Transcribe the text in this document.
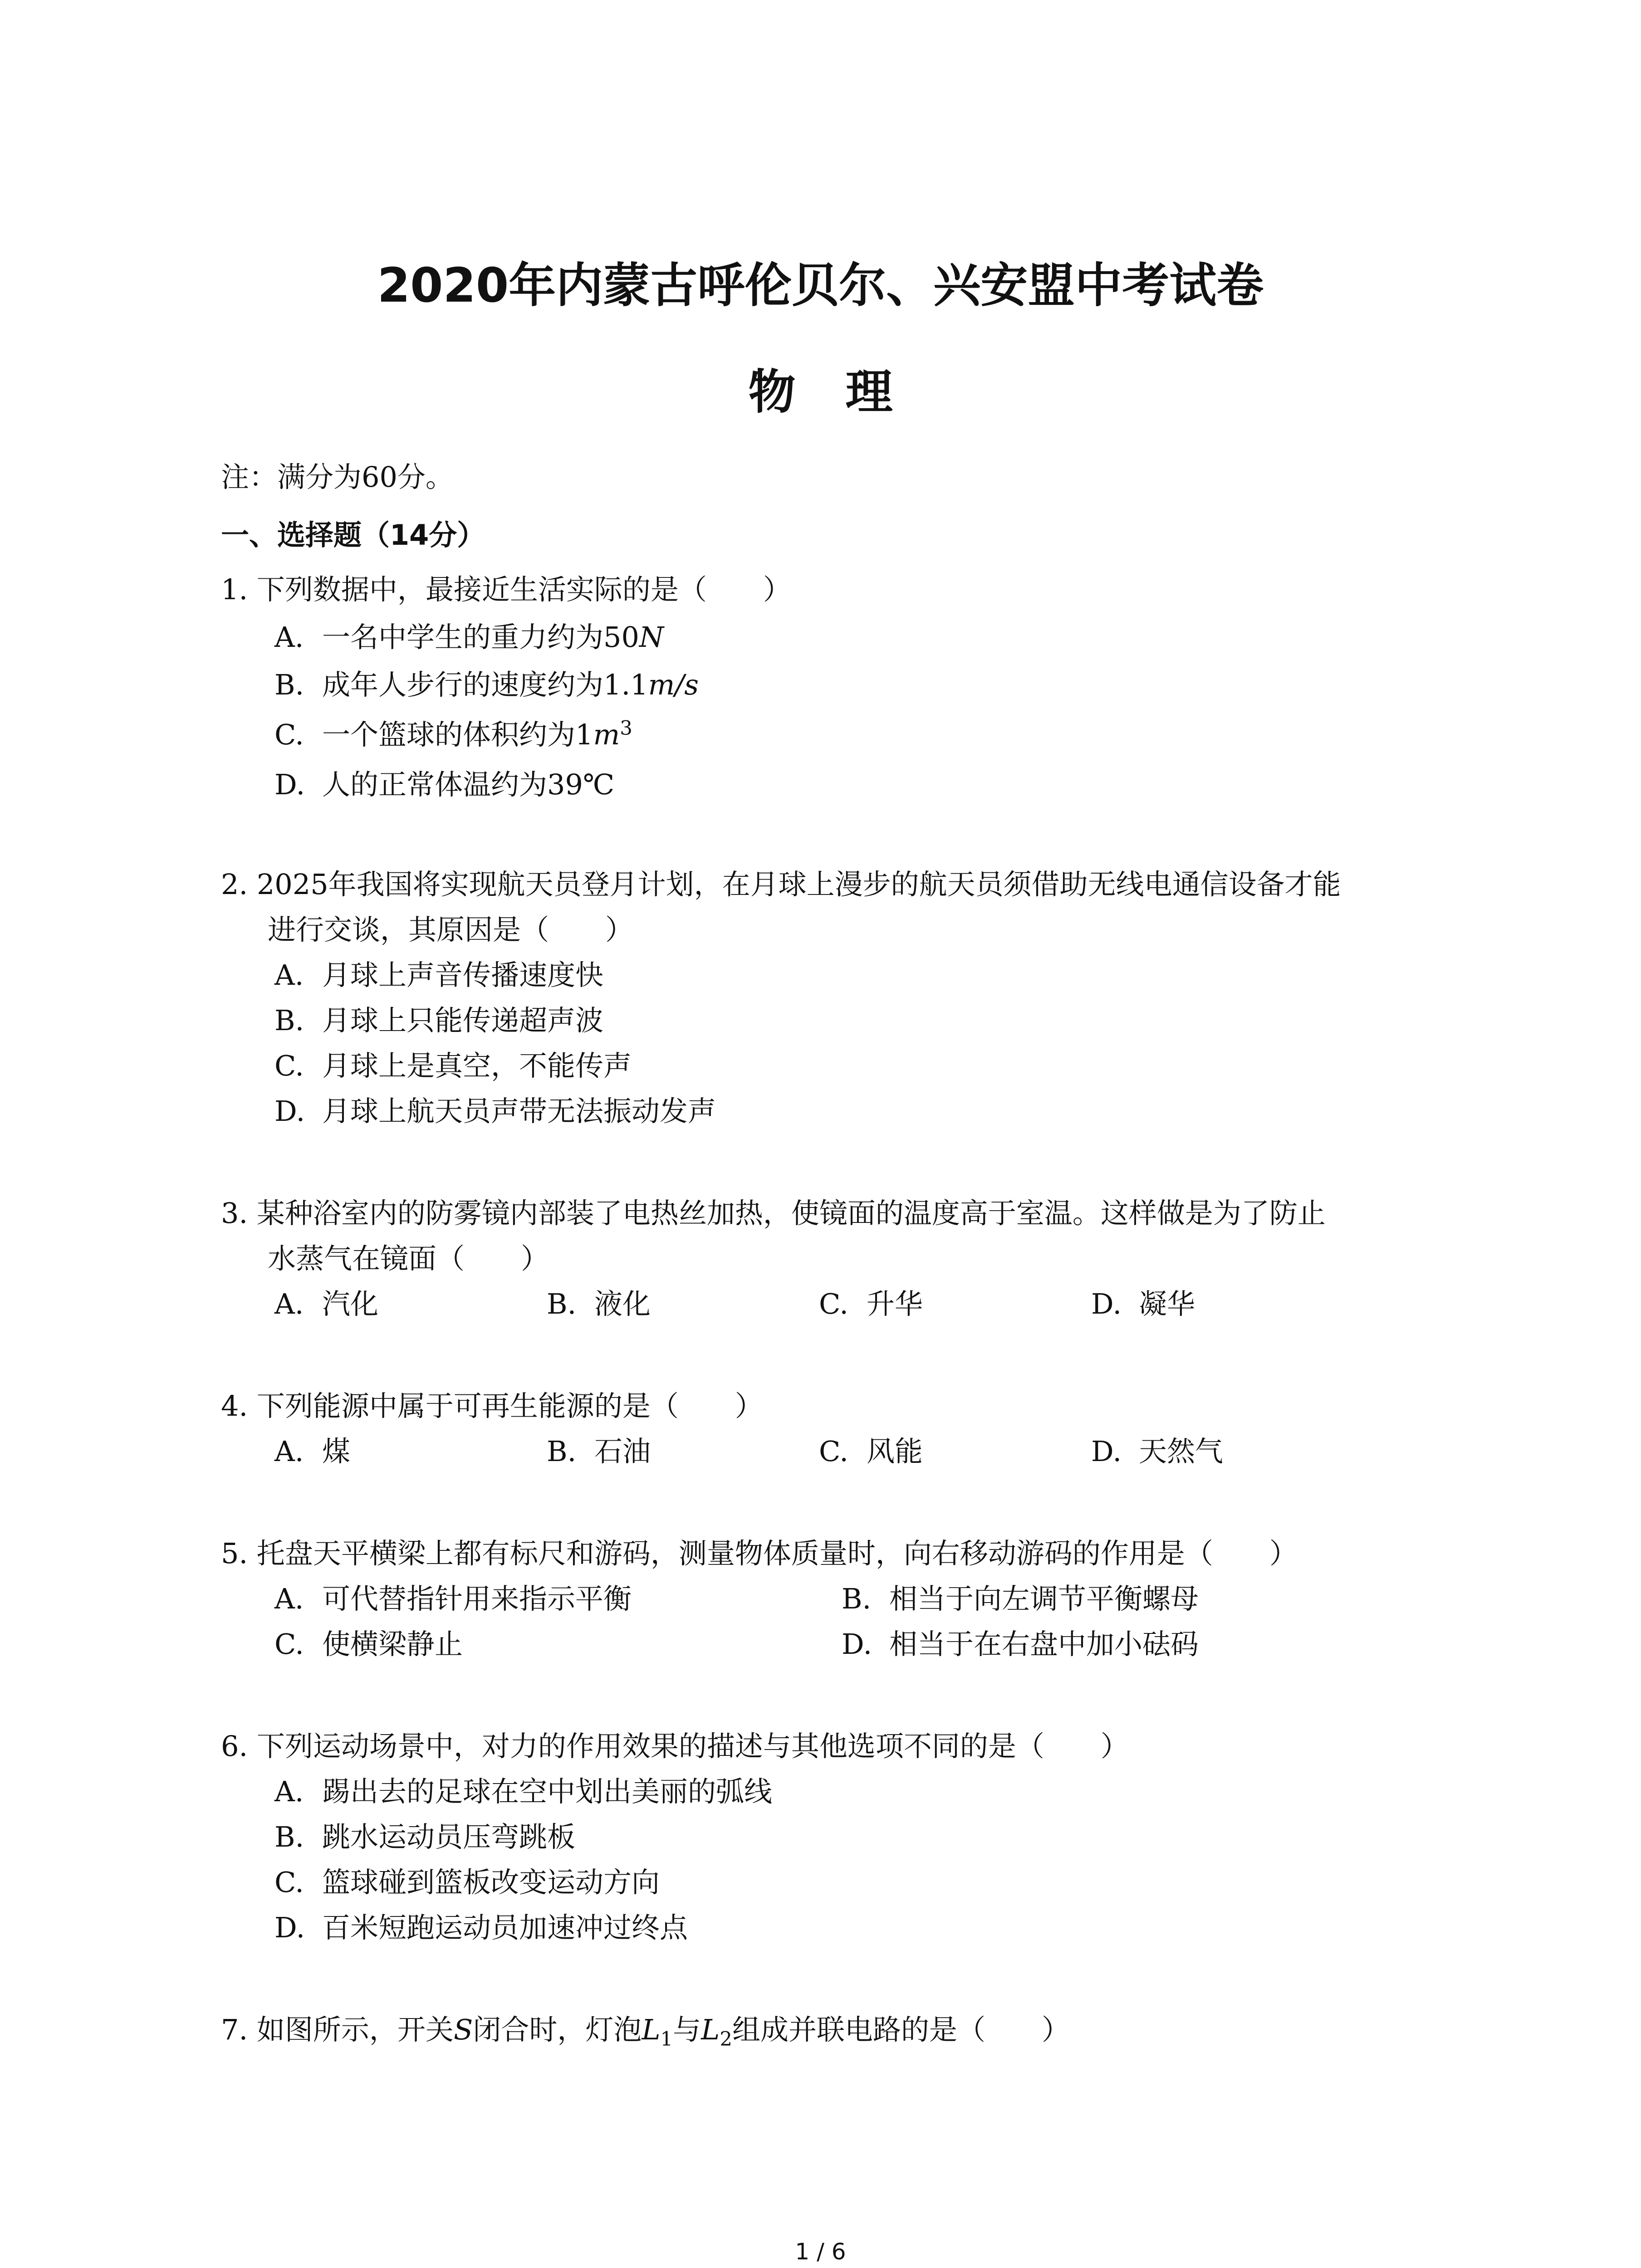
2020年内蒙古呼伦贝尔、兴安盟中考试卷
物理
注：满分为60分。
一、选择题（14分）
1. 下列数据中，最接近生活实际的是（　　）
A. 一名中学生的重力约为50N
B. 成年人步行的速度约为1.1m/s
C. 一个篮球的体积约为$1m^3$
D. 人的正常体温约为39℃
2. 2025年我国将实现航天员登月计划，在月球上漫步的航天员须借助无线电通信设备才能
进行交谈，其原因是（　　）
A. 月球上声音传播速度快
B. 月球上只能传递超声波
C. 月球上是真空，不能传声
D. 月球上航天员声带无法振动发声
3. 某种浴室内的防雾镜内部装了电热丝加热，使镜面的温度高于室温。这样做是为了防止
水蒸气在镜面（　　）
A. 汽化	B. 液化	C. 升华	D. 凝华
4. 下列能源中属于可再生能源的是（　　）
A. 煤	B. 石油	C. 风能	D. 天然气
5. 托盘天平横梁上都有标尺和游码，测量物体质量时，向右移动游码的作用是（　　）
A. 可代替指针用来指示平衡	B. 相当于向左调节平衡螺母
C. 使横梁静止	D. 相当于在右盘中加小砝码
6. 下列运动场景中，对力的作用效果的描述与其他选项不同的是（　　）
A. 踢出去的足球在空中划出美丽的弧线
B. 跳水运动员压弯跳板
C. 篮球碰到篮板改变运动方向
D. 百米短跑运动员加速冲过终点
7. 如图所示，开关S闭合时，灯泡$L_1$与$L_2$组成并联电路的是（　　）
1 / 6
